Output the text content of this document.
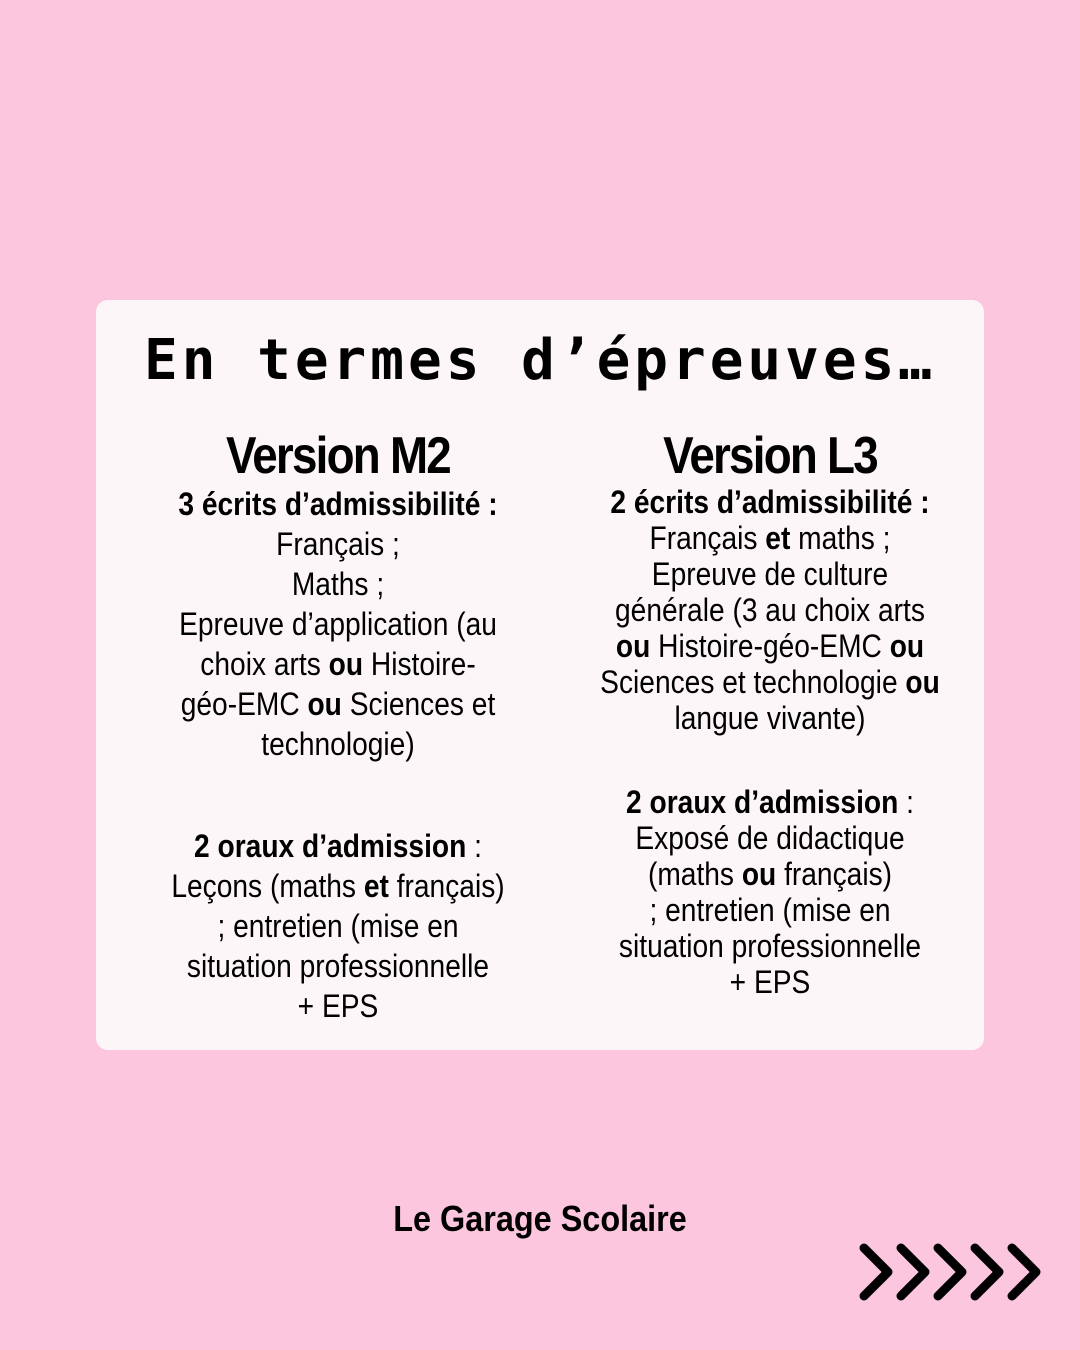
En termes d’épreuves…
Version M2
3 écrits d’admissibilité :
Français ;
Maths ;
Epreuve d’application (au
choix arts ou Histoire-
géo-EMC ou Sciences et
technologie)
2 oraux d’admission :
Leçons (maths et français)
; entretien (mise en
situation professionnelle
+ EPS
Version L3
2 écrits d’admissibilité :
Français et maths ;
Epreuve de culture
générale (3 au choix arts
ou Histoire-géo-EMC ou
Sciences et technologie ou
langue vivante)
2 oraux d’admission :
Exposé de didactique
(maths ou français)
; entretien (mise en
situation professionnelle
+ EPS
Le Garage Scolaire
